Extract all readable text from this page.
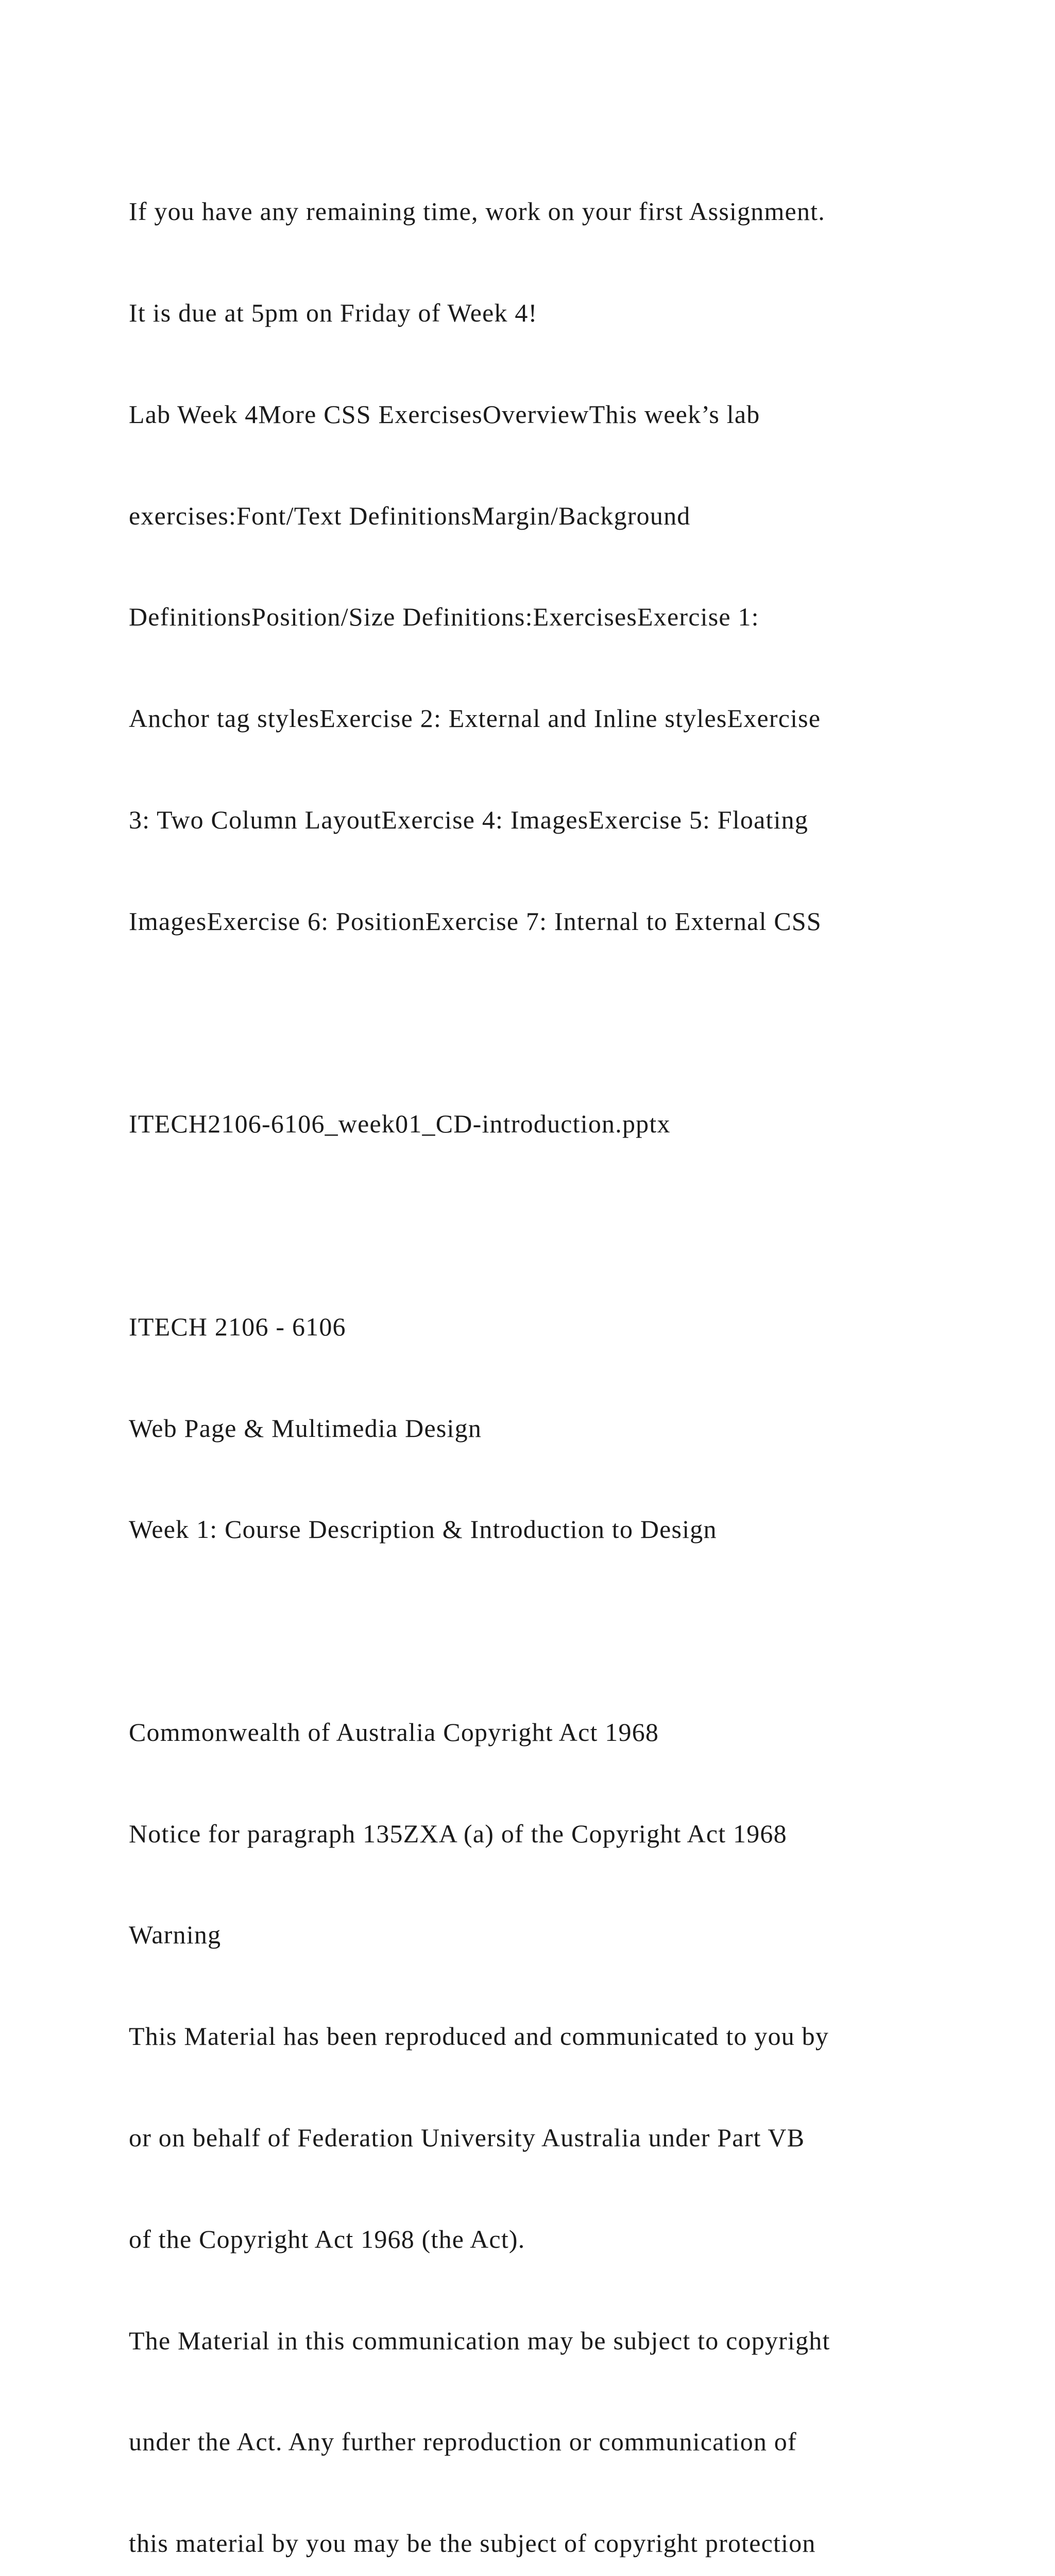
If you have any remaining time, work on your first Assignment.

It is due at 5pm on Friday of Week 4!

Lab Week 4More CSS ExercisesOverviewThis week’s lab

exercises:Font/Text DefinitionsMargin/Background

DefinitionsPosition/Size Definitions:ExercisesExercise 1:

Anchor tag stylesExercise 2: External and Inline stylesExercise

3: Two Column LayoutExercise 4: ImagesExercise 5: Floating

ImagesExercise 6: PositionExercise 7: Internal to External CSS

ITECH2106-6106_week01_CD-introduction.pptx

ITECH 2106 - 6106

Web Page & Multimedia Design

Week 1: Course Description & Introduction to Design

Commonwealth of Australia Copyright Act 1968

Notice for paragraph 135ZXA (a) of the Copyright Act 1968

Warning

This Material has been reproduced and communicated to you by

or on behalf of Federation University Australia under Part VB

of the Copyright Act 1968 (the Act).

The Material in this communication may be subject to copyright

under the Act. Any further reproduction or communication of

this material by you may be the subject of copyright protection
